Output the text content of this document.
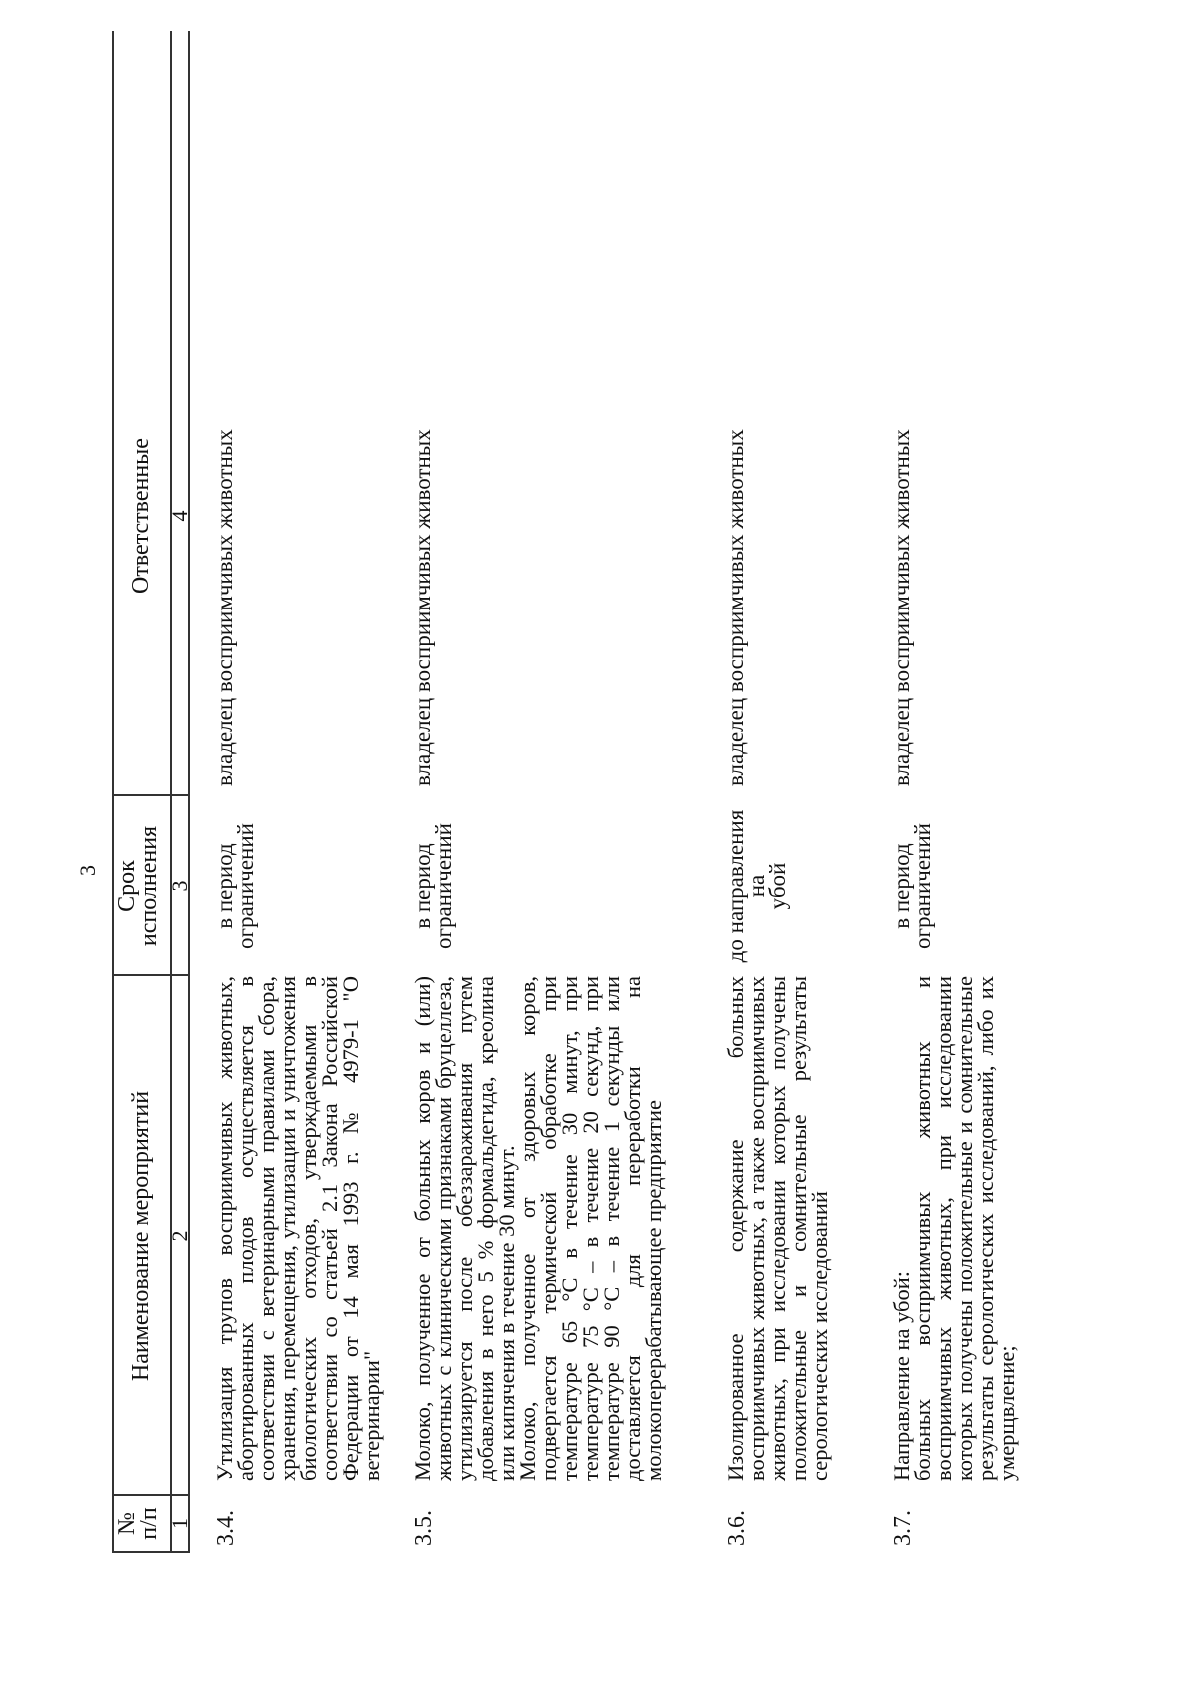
3
№
п/п
Наименование мероприятий
Срок
исполнения
Ответственные
1
2
3
4
3.4.

Утилизация трупов восприимчивых животных, абортированных плодов осуществляется в соответствии с ветеринарными правилами сбора, хранения, перемещения, утилизации и уничтожения биологических отходов, утверждаемыми в соответствии со статьей 2.1 Закона Российской Федерации от 14 мая 1993 г. № 4979-1 "О ветеринарии"

в период
ограничений
владелец восприимчивых животных
3.5.

Молоко, полученное от больных коров и (или) животных с клиническими признаками бруцеллеза, утилизируется после обеззараживания путем добавления в него 5 % формальдегида, креолина или кипячения в течение 30 минут.

Молоко, полученное от здоровых коров, подвергается термической обработке при температуре 65 °С в течение 30 минут, при температуре 75 °С – в течение 20 секунд, при температуре 90 °С – в течение 1 секунды или доставляется для переработки на молокоперерабатывающее предприятие

в период
ограничений
владелец восприимчивых животных
3.6.

Изолированное содержание больных восприимчивых животных, а также восприимчивых животных, при исследовании которых получены положительные и сомнительные результаты серологических исследований

до направления на
убой
владелец восприимчивых животных
3.7.

Направление на убой:

больных восприимчивых животных и восприимчивых животных, при исследовании которых получены положительные и сомнительные результаты серологических исследований, либо их умерщвление;

в период
ограничений
владелец восприимчивых животных
